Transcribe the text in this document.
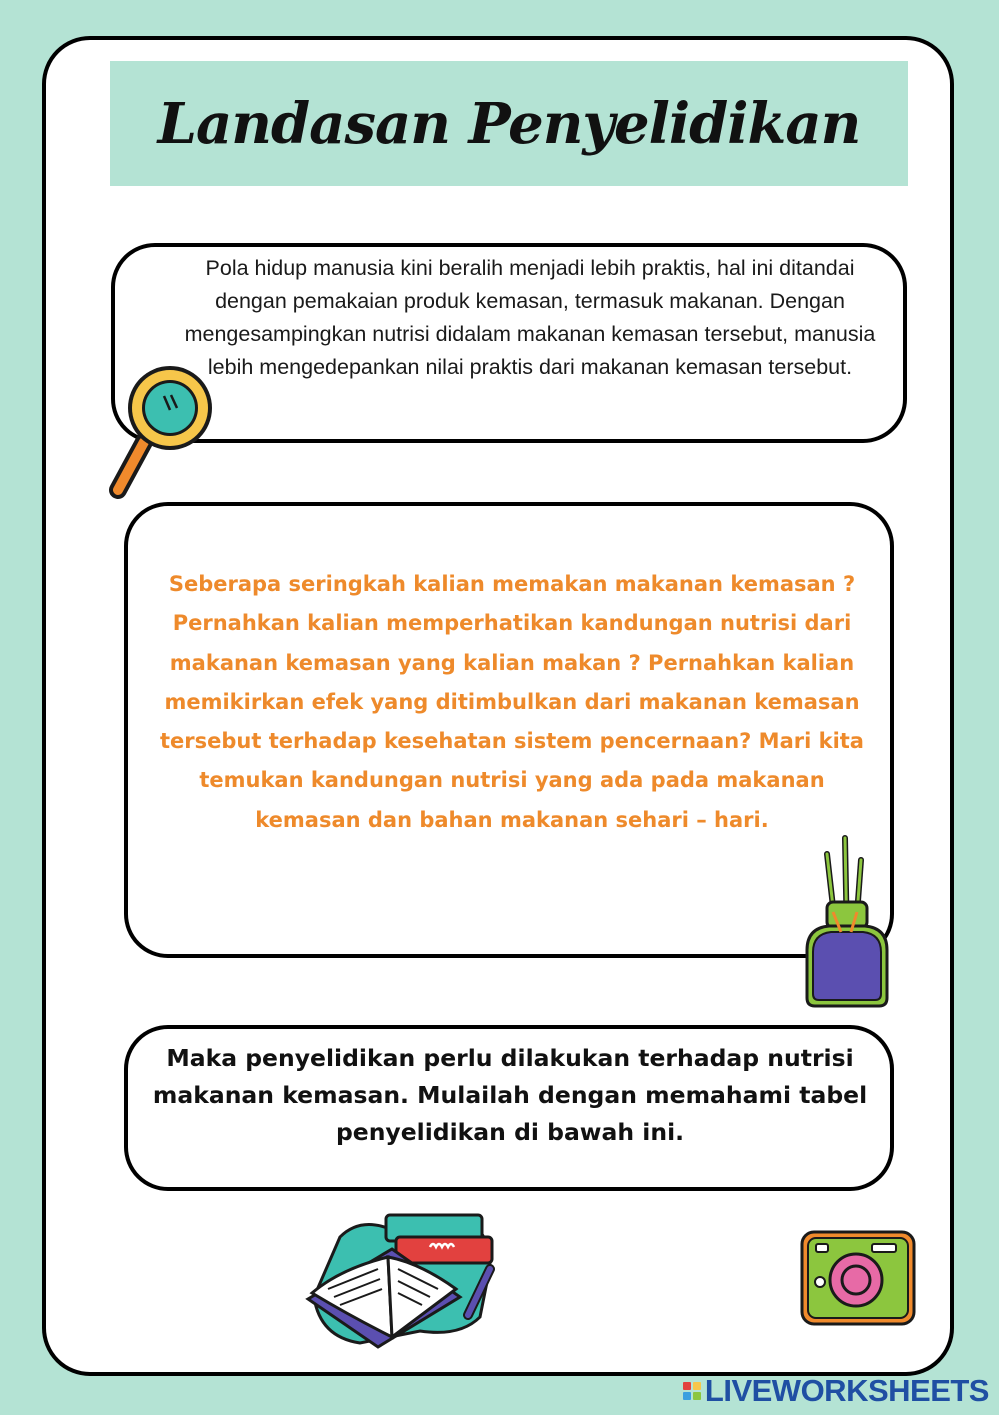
Landasan Penyelidikan
Pola hidup manusia kini beralih menjadi lebih praktis, hal ini ditandai dengan pemakaian produk kemasan, termasuk makanan. Dengan mengesampingkan nutrisi didalam makanan kemasan tersebut, manusia lebih mengedepankan nilai praktis dari makanan kemasan tersebut.
Seberapa seringkah kalian memakan makanan kemasan ? Pernahkan kalian memperhatikan kandungan nutrisi dari makanan kemasan yang kalian makan ? Pernahkan kalian memikirkan efek yang ditimbulkan dari makanan kemasan tersebut terhadap kesehatan sistem pencernaan? Mari kita temukan kandungan nutrisi yang ada pada makanan kemasan dan bahan makanan sehari – hari.
Maka penyelidikan perlu dilakukan terhadap nutrisi makanan kemasan. Mulailah dengan memahami tabel penyelidikan di bawah ini.
LIVEWORKSHEETS
